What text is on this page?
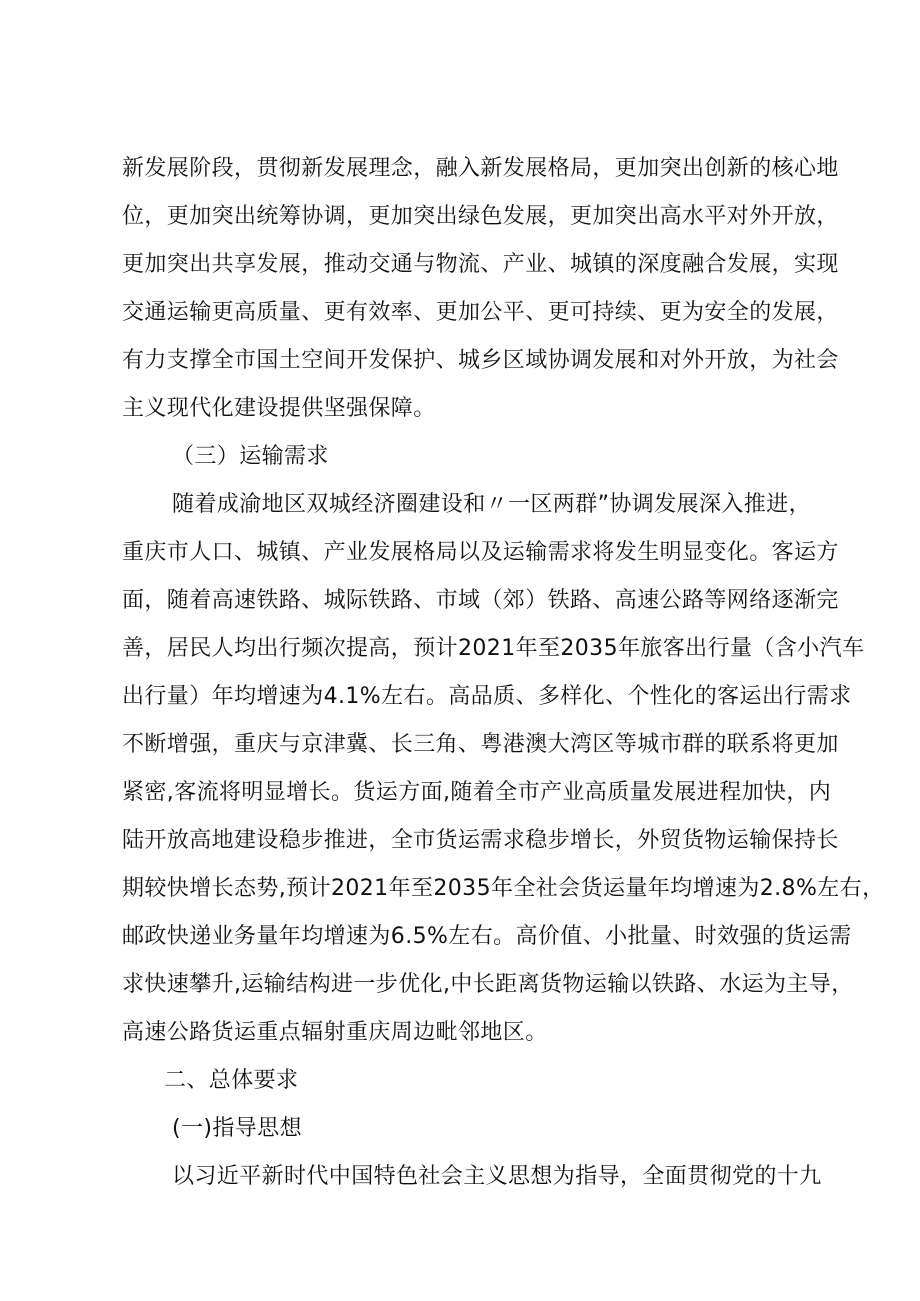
新发展阶段，贯彻新发展理念，融入新发展格局，更加突出创新的核心地
位，更加突出统筹协调，更加突出绿色发展，更加突出高水平对外开放，
更加突出共享发展，推动交通与物流、产业、城镇的深度融合发展，实现
交通运输更高质量、更有效率、更加公平、更可持续、更为安全的发展，
有力支撑全市国土空间开发保护、城乡区域协调发展和对外开放，为社会
主义现代化建设提供坚强保障。
（三）运输需求
随着成渝地区双城经济圈建设和〃一区两群”协调发展深入推进，
重庆市人口、城镇、产业发展格局以及运输需求将发生明显变化。客运方
面，随着高速铁路、城际铁路、市域（郊）铁路、高速公路等网络逐渐完
善，居民人均出行频次提高，预计2021年至2035年旅客出行量（含小汽车
出行量）年均增速为4.1%左右。高品质、多样化、个性化的客运出行需求
不断增强，重庆与京津冀、长三角、粤港澳大湾区等城市群的联系将更加
紧密,客流将明显增长。货运方面,随着全市产业高质量发展进程加快，内
陆开放高地建设稳步推进，全市货运需求稳步增长，外贸货物运输保持长
期较快增长态势,预计2021年至2035年全社会货运量年均增速为2.8%左右，
邮政快递业务量年均增速为6.5%左右。高价值、小批量、时效强的货运需
求快速攀升,运输结构进一步优化,中长距离货物运输以铁路、水运为主导，
高速公路货运重点辐射重庆周边毗邻地区。
二、总体要求
(一)指导思想
以习近平新时代中国特色社会主义思想为指导，全面贯彻党的十九
